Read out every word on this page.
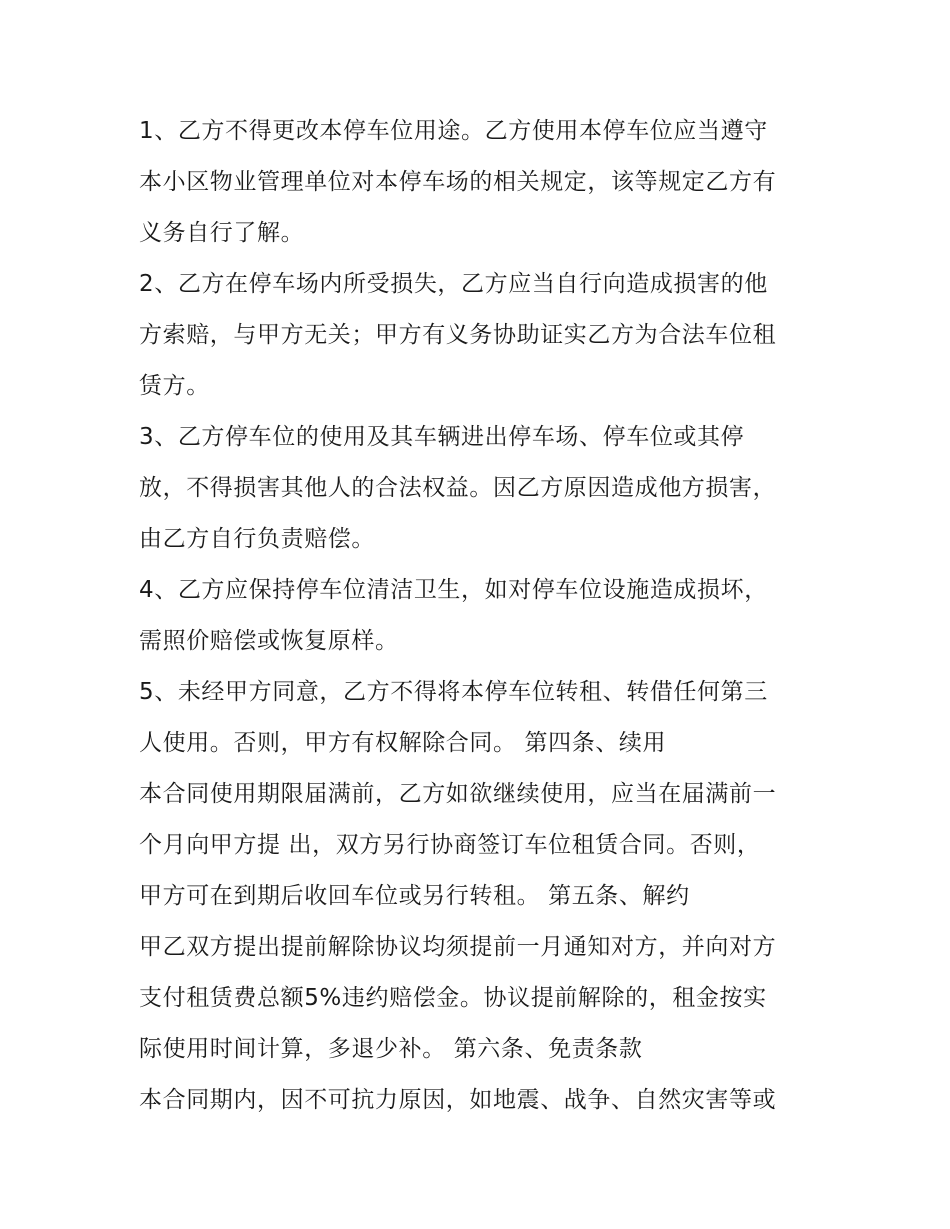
1、乙方不得更改本停车位用途。乙方使用本停车位应当遵守
本小区物业管理单位对本停车场的相关规定，该等规定乙方有
义务自行了解。
2、乙方在停车场内所受损失，乙方应当自行向造成损害的他
方索赔，与甲方无关；甲方有义务协助证实乙方为合法车位租
赁方。
3、乙方停车位的使用及其车辆进出停车场、停车位或其停
放，不得损害其他人的合法权益。因乙方原因造成他方损害，
由乙方自行负责赔偿。
4、乙方应保持停车位清洁卫生，如对停车位设施造成损坏，
需照价赔偿或恢复原样。
5、未经甲方同意，乙方不得将本停车位转租、转借任何第三
人使用。否则，甲方有权解除合同。 第四条、续用
本合同使用期限届满前，乙方如欲继续使用，应当在届满前一
个月向甲方提 出，双方另行协商签订车位租赁合同。否则，
甲方可在到期后收回车位或另行转租。 第五条、解约
甲乙双方提出提前解除协议均须提前一月通知对方，并向对方
支付租赁费总额5%违约赔偿金。协议提前解除的，租金按实
际使用时间计算，多退少补。 第六条、免责条款
本合同期内，因不可抗力原因，如地震、战争、自然灾害等或
